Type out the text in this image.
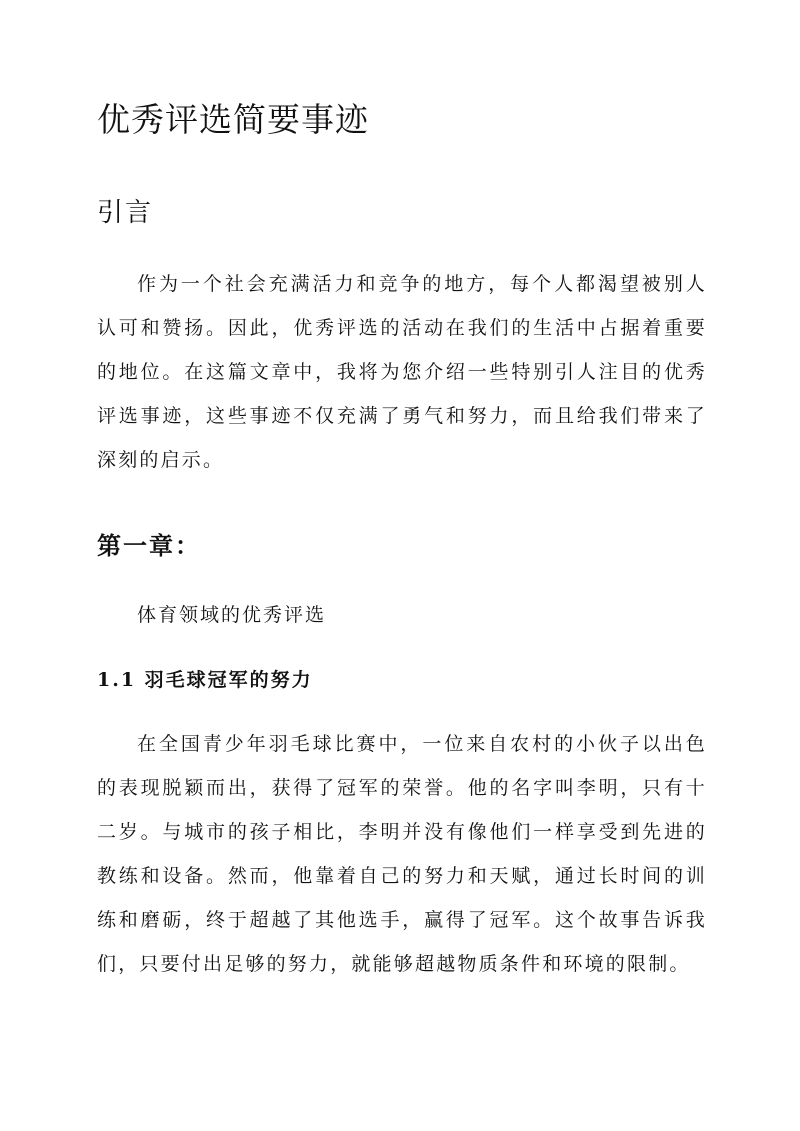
优秀评选简要事迹
引言

作为一个社会充满活力和竞争的地方，每个人都渴望被别人认可和赞扬。因此，优秀评选的活动在我们的生活中占据着重要的地位。在这篇文章中，我将为您介绍一些特别引人注目的优秀评选事迹，这些事迹不仅充满了勇气和努力，而且给我们带来了深刻的启示。

第一章：

体育领域的优秀评选

1.1 羽毛球冠军的努力

在全国青少年羽毛球比赛中，一位来自农村的小伙子以出色的表现脱颖而出，获得了冠军的荣誉。他的名字叫李明，只有十二岁。与城市的孩子相比，李明并没有像他们一样享受到先进的教练和设备。然而，他靠着自己的努力和天赋，通过长时间的训练和磨砺，终于超越了其他选手，赢得了冠军。这个故事告诉我们，只要付出足够的努力，就能够超越物质条件和环境的限制。
